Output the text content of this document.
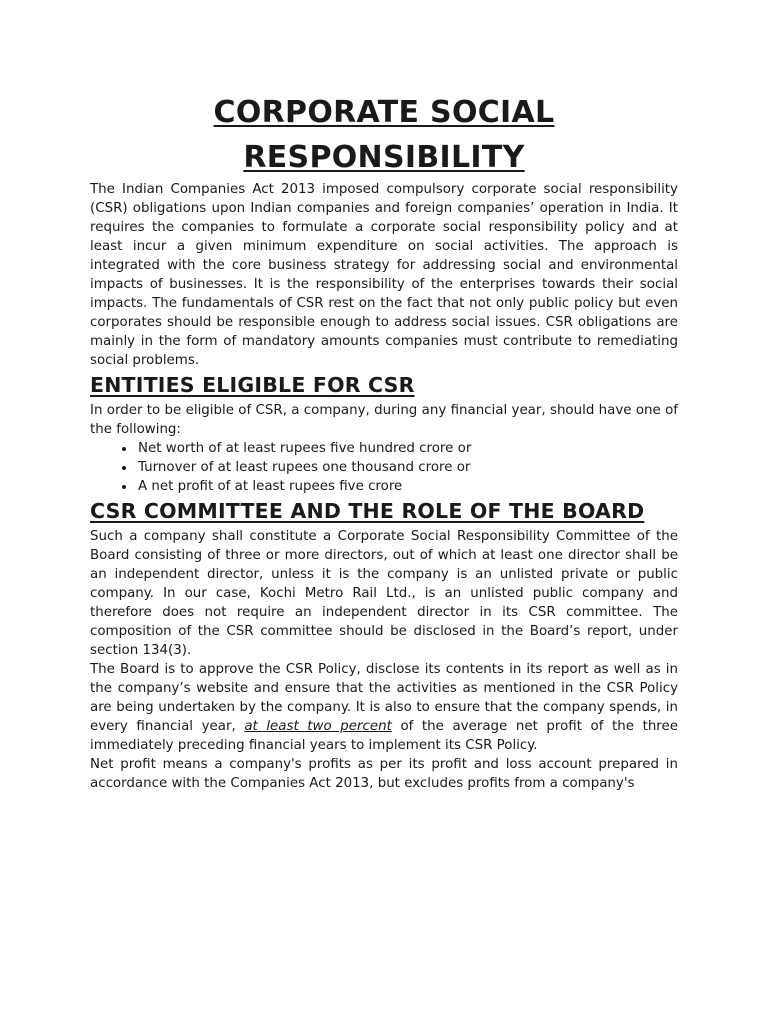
CORPORATE SOCIAL RESPONSIBILITY

The Indian Companies Act 2013 imposed compulsory corporate social responsibility (CSR) obligations upon Indian companies and foreign companies’ operation in India. It requires the companies to formulate a corporate social responsibility policy and at least incur a given minimum expenditure on social activities. The approach is integrated with the core business strategy for addressing social and environmental impacts of businesses. It is the responsibility of the enterprises towards their social impacts. The fundamentals of CSR rest on the fact that not only public policy but even corporates should be responsible enough to address social issues. CSR obligations are mainly in the form of mandatory amounts companies must contribute to remediating social problems.

ENTITIES ELIGIBLE FOR CSR

In order to be eligible of CSR, a company, during any financial year, should have one of the following:

• Net worth of at least rupees five hundred crore or
• Turnover of at least rupees one thousand crore or
• A net profit of at least rupees five crore
CSR COMMITTEE AND THE ROLE OF THE BOARD

Such a company shall constitute a Corporate Social Responsibility Committee of the Board consisting of three or more directors, out of which at least one director shall be an independent director, unless it is the company is an unlisted private or public company. In our case, Kochi Metro Rail Ltd., is an unlisted public company and therefore does not require an independent director in its CSR committee. The composition of the CSR committee should be disclosed in the Board’s report, under section 134(3).

The Board is to approve the CSR Policy, disclose its contents in its report as well as in the company’s website and ensure that the activities as mentioned in the CSR Policy are being undertaken by the company. It is also to ensure that the company spends, in every financial year, at least two percent of the average net profit of the three immediately preceding financial years to implement its CSR Policy.

Net profit means a company's profits as per its profit and loss account prepared in accordance with the Companies Act 2013, but excludes profits from a company's
